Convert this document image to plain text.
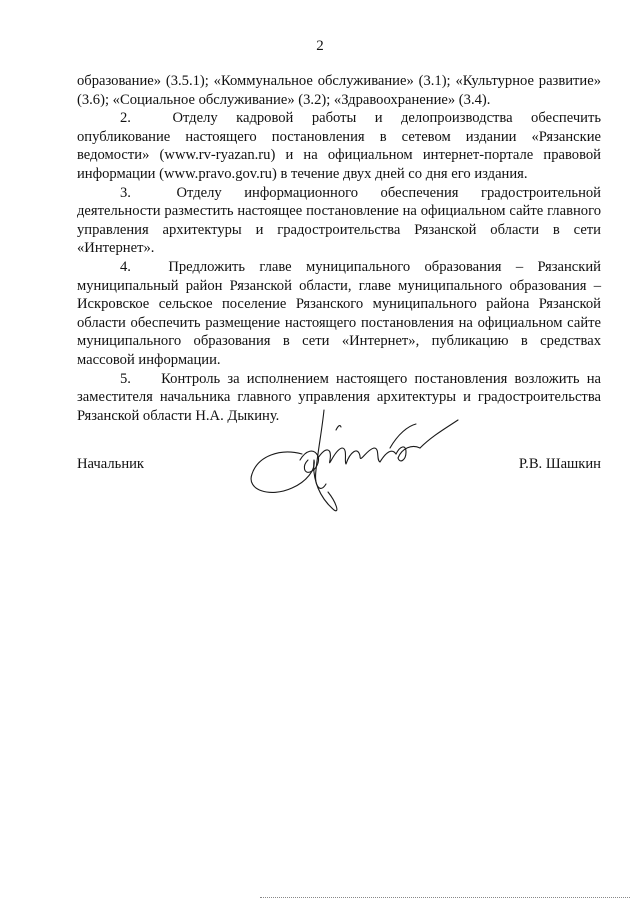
2

образование» (3.5.1); «Коммунальное обслуживание» (3.1); «Культурное развитие» (3.6); «Социальное обслуживание» (3.2); «Здравоохранение» (3.4).

2.	Отделу кадровой работы и делопроизводства обеспечить опубликование настоящего постановления в сетевом издании «Рязанские ведомости» (www.rv-ryazan.ru) и на официальном интернет-портале правовой информации (www.pravo.gov.ru) в течение двух дней со дня его издания.

3.	Отделу информационного обеспечения градостроительной деятельности разместить настоящее постановление на официальном сайте главного управления архитектуры и градостроительства Рязанской области в сети «Интернет».

4.	Предложить главе муниципального образования – Рязанский муниципальный район Рязанской области, главе муниципального образования – Искровское сельское поселение Рязанского муниципального района Рязанской области обеспечить размещение настоящего постановления на официальном сайте муниципального образования в сети «Интернет», публикацию в средствах массовой информации.

5. Контроль за исполнением настоящего постановления возложить на заместителя начальника главного управления архитектуры и градостроительства Рязанской области Н.А. Дыкину.

Начальник	Р.В. Шашкин
